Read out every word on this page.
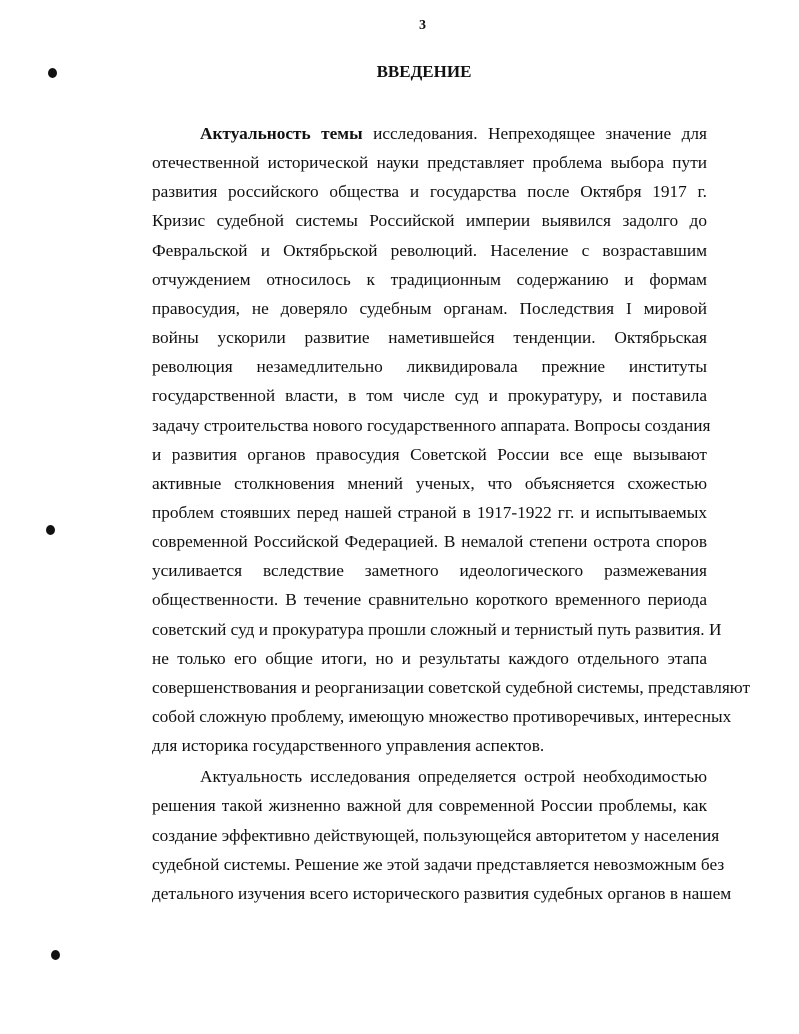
3
ВВЕДЕНИЕ
Актуальность темы исследования. Непреходящее значение для
отечественной исторической науки представляет проблема выбора пути
развития российского общества и государства после Октября 1917 г.
Кризис судебной системы Российской империи выявился задолго до
Февральской и Октябрьской революций. Население с возраставшим
отчуждением относилось к традиционным содержанию и формам
правосудия, не доверяло судебным органам. Последствия I мировой
войны ускорили развитие наметившейся тенденции. Октябрьская
революция незамедлительно ликвидировала прежние институты
государственной власти, в том числе суд и прокуратуру, и поставила
задачу строительства нового государственного аппарата. Вопросы создания
и развития органов правосудия Советской России все еще вызывают
активные столкновения мнений ученых, что объясняется схожестью
проблем стоявших перед нашей страной в 1917-1922 гг. и испытываемых
современной Российской Федерацией. В немалой степени острота споров
усиливается вследствие заметного идеологического размежевания
общественности. В течение сравнительно короткого временного периода
советский суд и прокуратура прошли сложный и тернистый путь развития. И
не только его общие итоги, но и результаты каждого отдельного этапа
совершенствования и реорганизации советской судебной системы, представляют
собой сложную проблему, имеющую множество противоречивых, интересных
для историка государственного управления аспектов.
Актуальность исследования определяется острой необходимостью
решения такой жизненно важной для современной России проблемы, как
создание эффективно действующей, пользующейся авторитетом у населения
судебной системы. Решение же этой задачи представляется невозможным без
детального изучения всего исторического развития судебных органов в нашем
